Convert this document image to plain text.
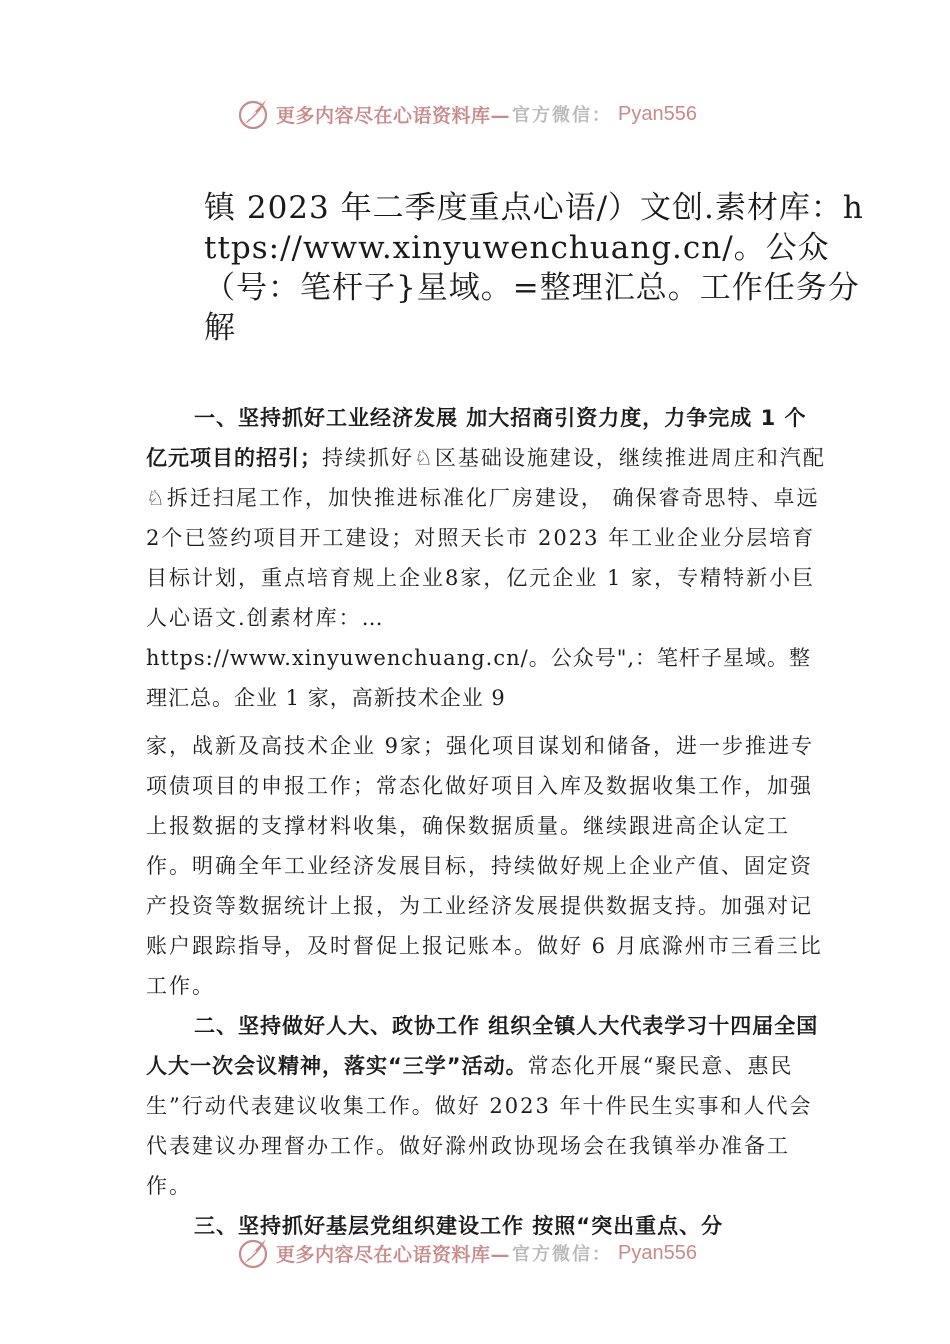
更多内容尽在心语资料库— 官方微信： Pyan556
镇 2023 年二季度重点心语/）文创.素材库：https://www.xinyuwenchuang.cn/。公众（号：笔杆子}星域。=整理汇总。工作任务分解

一、坚持抓好工业经济发展 加大招商引资力度，力争完成 1 个亿元项目的招引；持续抓好♘区基础设施建设，继续推进周庄和汽配♘拆迁扫尾工作，加快推进标准化厂房建设， 确保睿奇思特、卓远 2个已签约项目开工建设；对照天长市 2023 年工业企业分层培育目标计划，重点培育规上企业8家，亿元企业 1 家，专精特新小巨人心语文.创素材库：…

https://www.xinyuwenchuang.cn/。公众号",：笔杆子星域。整理汇总。企业 1 家，高新技术企业 9

家，战新及高技术企业 9家；强化项目谋划和储备，进一步推进专项债项目的申报工作；常态化做好项目入库及数据收集工作，加强上报数据的支撑材料收集，确保数据质量。继续跟进高企认定工作。明确全年工业经济发展目标，持续做好规上企业产值、固定资产投资等数据统计上报，为工业经济发展提供数据支持。加强对记账户跟踪指导，及时督促上报记账本。做好 6 月底滁州市三看三比工作。

二、坚持做好人大、政协工作 组织全镇人大代表学习十四届全国人大一次会议精神，落实“三学”活动。常态化开展“聚民意、惠民生”行动代表建议收集工作。做好 2023 年十件民生实事和人代会代表建议办理督办工作。做好滁州政协现场会在我镇举办准备工作。

三、坚持抓好基层党组织建设工作 按照“突出重点、分

更多内容尽在心语资料库— 官方微信： Pyan556
